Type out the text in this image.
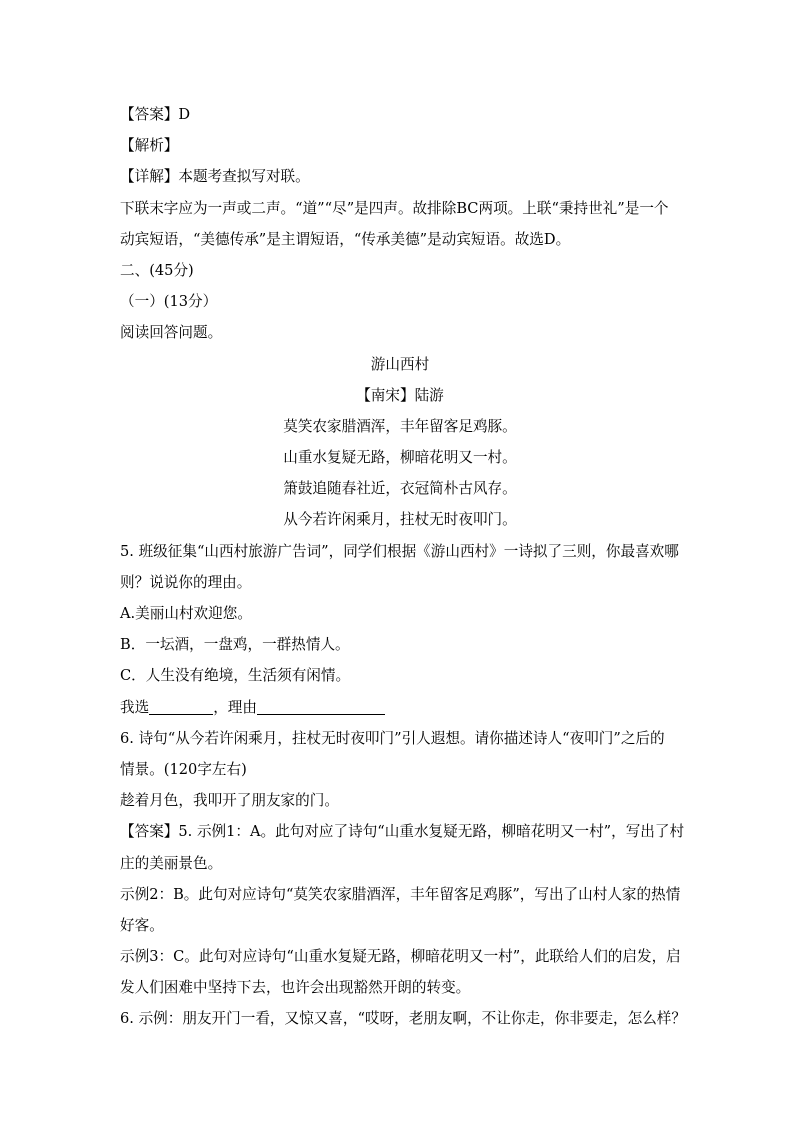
【答案】D
【解析】
【详解】本题考查拟写对联。
下联末字应为一声或二声。“道”“尽”是四声。故排除BC两项。上联“秉持世礼”是一个
动宾短语，“美德传承”是主谓短语，“传承美德”是动宾短语。故选D。
二、(45分)
（一）(13分）
阅读回答问题。
游山西村
【南宋】陆游
莫笑农家腊酒浑，丰年留客足鸡豚。
山重水复疑无路，柳暗花明又一村。
箫鼓追随春社近，衣冠简朴古风存。
从今若许闲乘月，拄杖无时夜叩门。
5. 班级征集“山西村旅游广告词”，同学们根据《游山西村》一诗拟了三则，你最喜欢哪
则？说说你的理由。
A.美丽山村欢迎您。
B．一坛酒，一盘鸡，一群热情人。
C．人生没有绝境，生活须有闲情。
我选	，理由
6. 诗句“从今若许闲乘月，拄杖无时夜叩门”引人遐想。请你描述诗人“夜叩门”之后的
情景。(120字左右)
趁着月色，我叩开了朋友家的门。
【答案】5. 示例1：A。此句对应了诗句“山重水复疑无路，柳暗花明又一村”，写出了村
庄的美丽景色。
示例2：B。此句对应诗句“莫笑农家腊酒浑，丰年留客足鸡豚”，写出了山村人家的热情
好客。
示例3：C。此句对应诗句“山重水复疑无路，柳暗花明又一村”，此联给人们的启发，启
发人们困难中坚持下去，也许会出现豁然开朗的转变。
6. 示例：朋友开门一看，又惊又喜，“哎呀，老朋友啊，不让你走，你非要走，怎么样？
